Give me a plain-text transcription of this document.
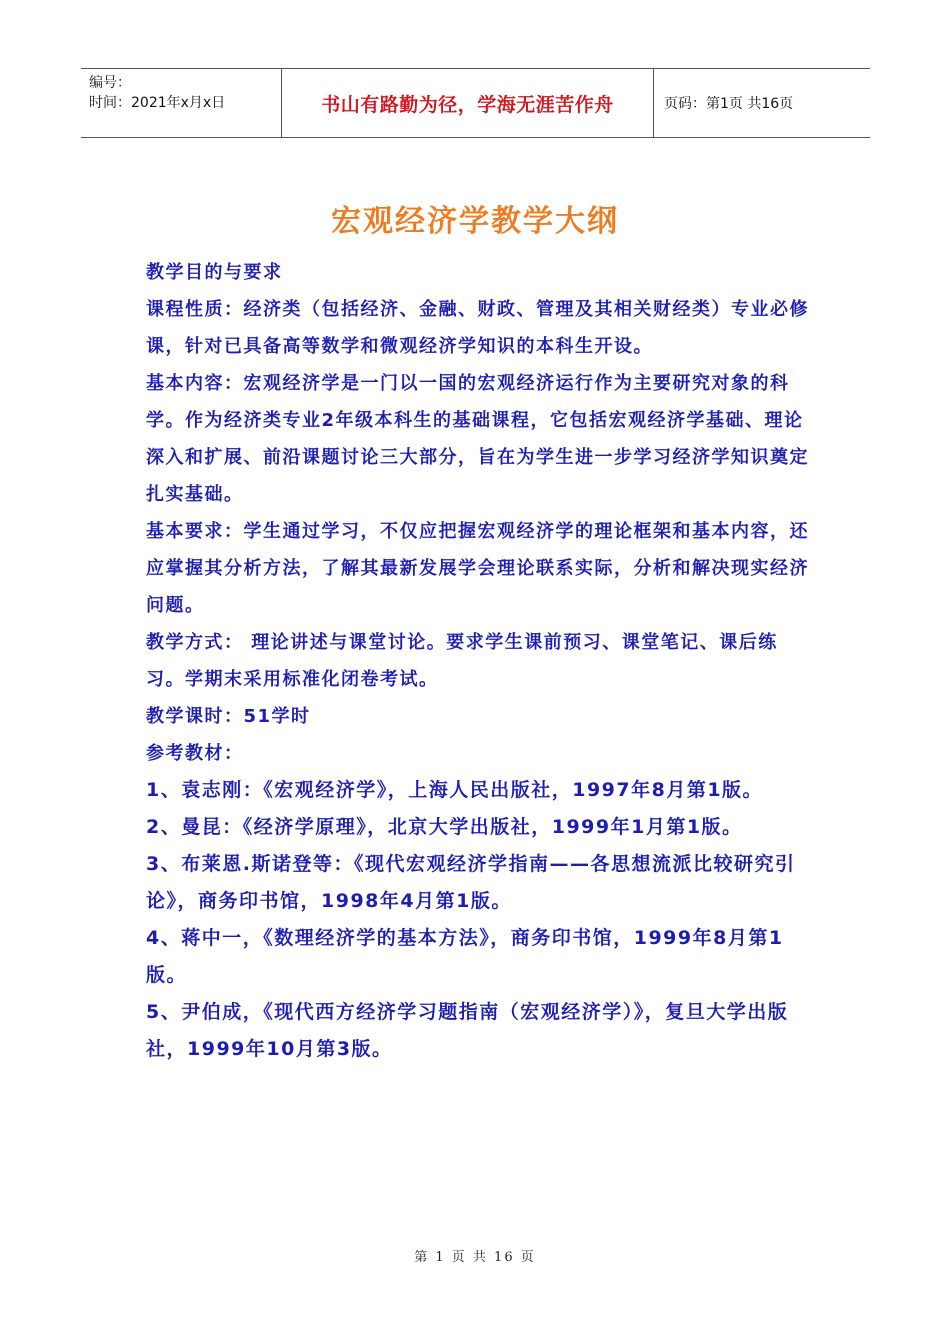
编号：
时间：2021年x月x日	书山有路勤为径，学海无涯苦作舟	页码：第1页 共16页
宏观经济学教学大纲

教学目的与要求

课程性质：经济类（包括经济、金融、财政、管理及其相关财经类）专业必修课，针对已具备高等数学和微观经济学知识的本科生开设。

基本内容：宏观经济学是一门以一国的宏观经济运行作为主要研究对象的科学。作为经济类专业2年级本科生的基础课程，它包括宏观经济学基础、理论深入和扩展、前沿课题讨论三大部分，旨在为学生进一步学习经济学知识奠定扎实基础。

基本要求：学生通过学习，不仅应把握宏观经济学的理论框架和基本内容，还应掌握其分析方法，了解其最新发展学会理论联系实际，分析和解决现实经济问题。

教学方式： 理论讲述与课堂讨论。要求学生课前预习、课堂笔记、课后练习。学期末采用标准化闭卷考试。

教学课时：51学时

参考教材：

1、袁志刚：《宏观经济学》，上海人民出版社，1997年8月第1版。

2、曼昆：《经济学原理》，北京大学出版社，1999年1月第1版。

3、布莱恩.斯诺登等：《现代宏观经济学指南——各思想流派比较研究引论》，商务印书馆，1998年4月第1版。

4、蒋中一，《数理经济学的基本方法》，商务印书馆，1999年8月第1版。

5、尹伯成，《现代西方经济学习题指南（宏观经济学）》，复旦大学出版社，1999年10月第3版。

第 1 页 共 16 页
